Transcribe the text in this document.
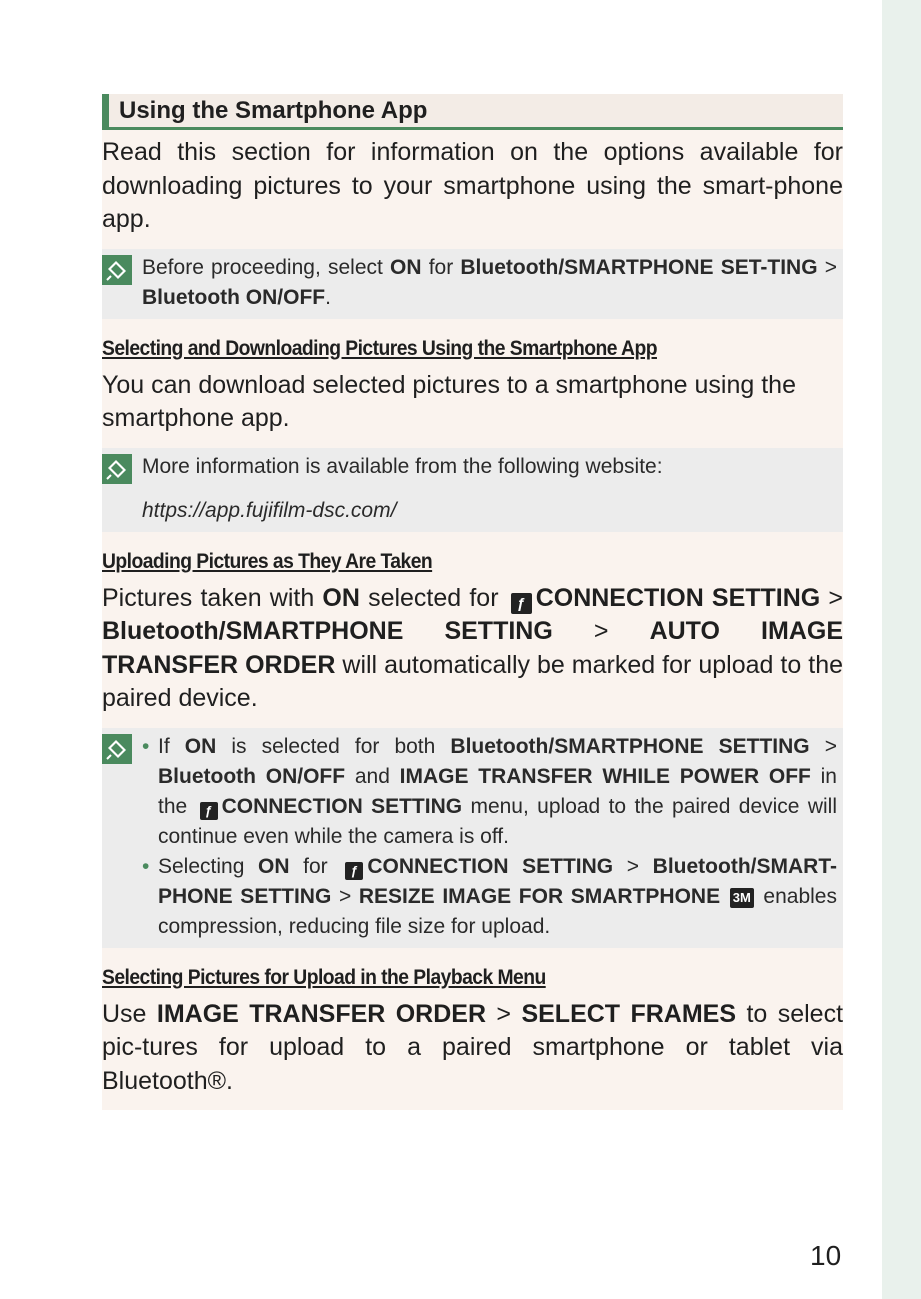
Using the Smartphone App

Read this section for information on the options available for downloading pictures to your smartphone using the smart-phone app.

Before proceeding, select ON for Bluetooth/SMARTPHONE SET-TING > Bluetooth ON/OFF.
Selecting and Downloading Pictures Using the Smartphone App

You can download selected pictures to a smartphone using the smartphone app.

More information is available from the following website:
https://app.fujifilm-dsc.com/
Uploading Pictures as They Are Taken

Pictures taken with ON selected for ƒ CONNECTION SETTING > Bluetooth/SMARTPHONE SETTING > AUTO IMAGE TRANSFER ORDER will automatically be marked for upload to the paired device.

• If ON is selected for both Bluetooth/SMARTPHONE SETTING > Bluetooth ON/OFF and IMAGE TRANSFER WHILE POWER OFF in the ƒ CONNECTION SETTING menu, upload to the paired device will continue even while the camera is off.
• Selecting ON for ƒ CONNECTION SETTING > Bluetooth/SMART-PHONE SETTING > RESIZE IMAGE FOR SMARTPHONE 3M enables compression, reducing file size for upload.
Selecting Pictures for Upload in the Playback Menu

Use IMAGE TRANSFER ORDER > SELECT FRAMES to select pic-tures for upload to a paired smartphone or tablet via Bluetooth®.

10
